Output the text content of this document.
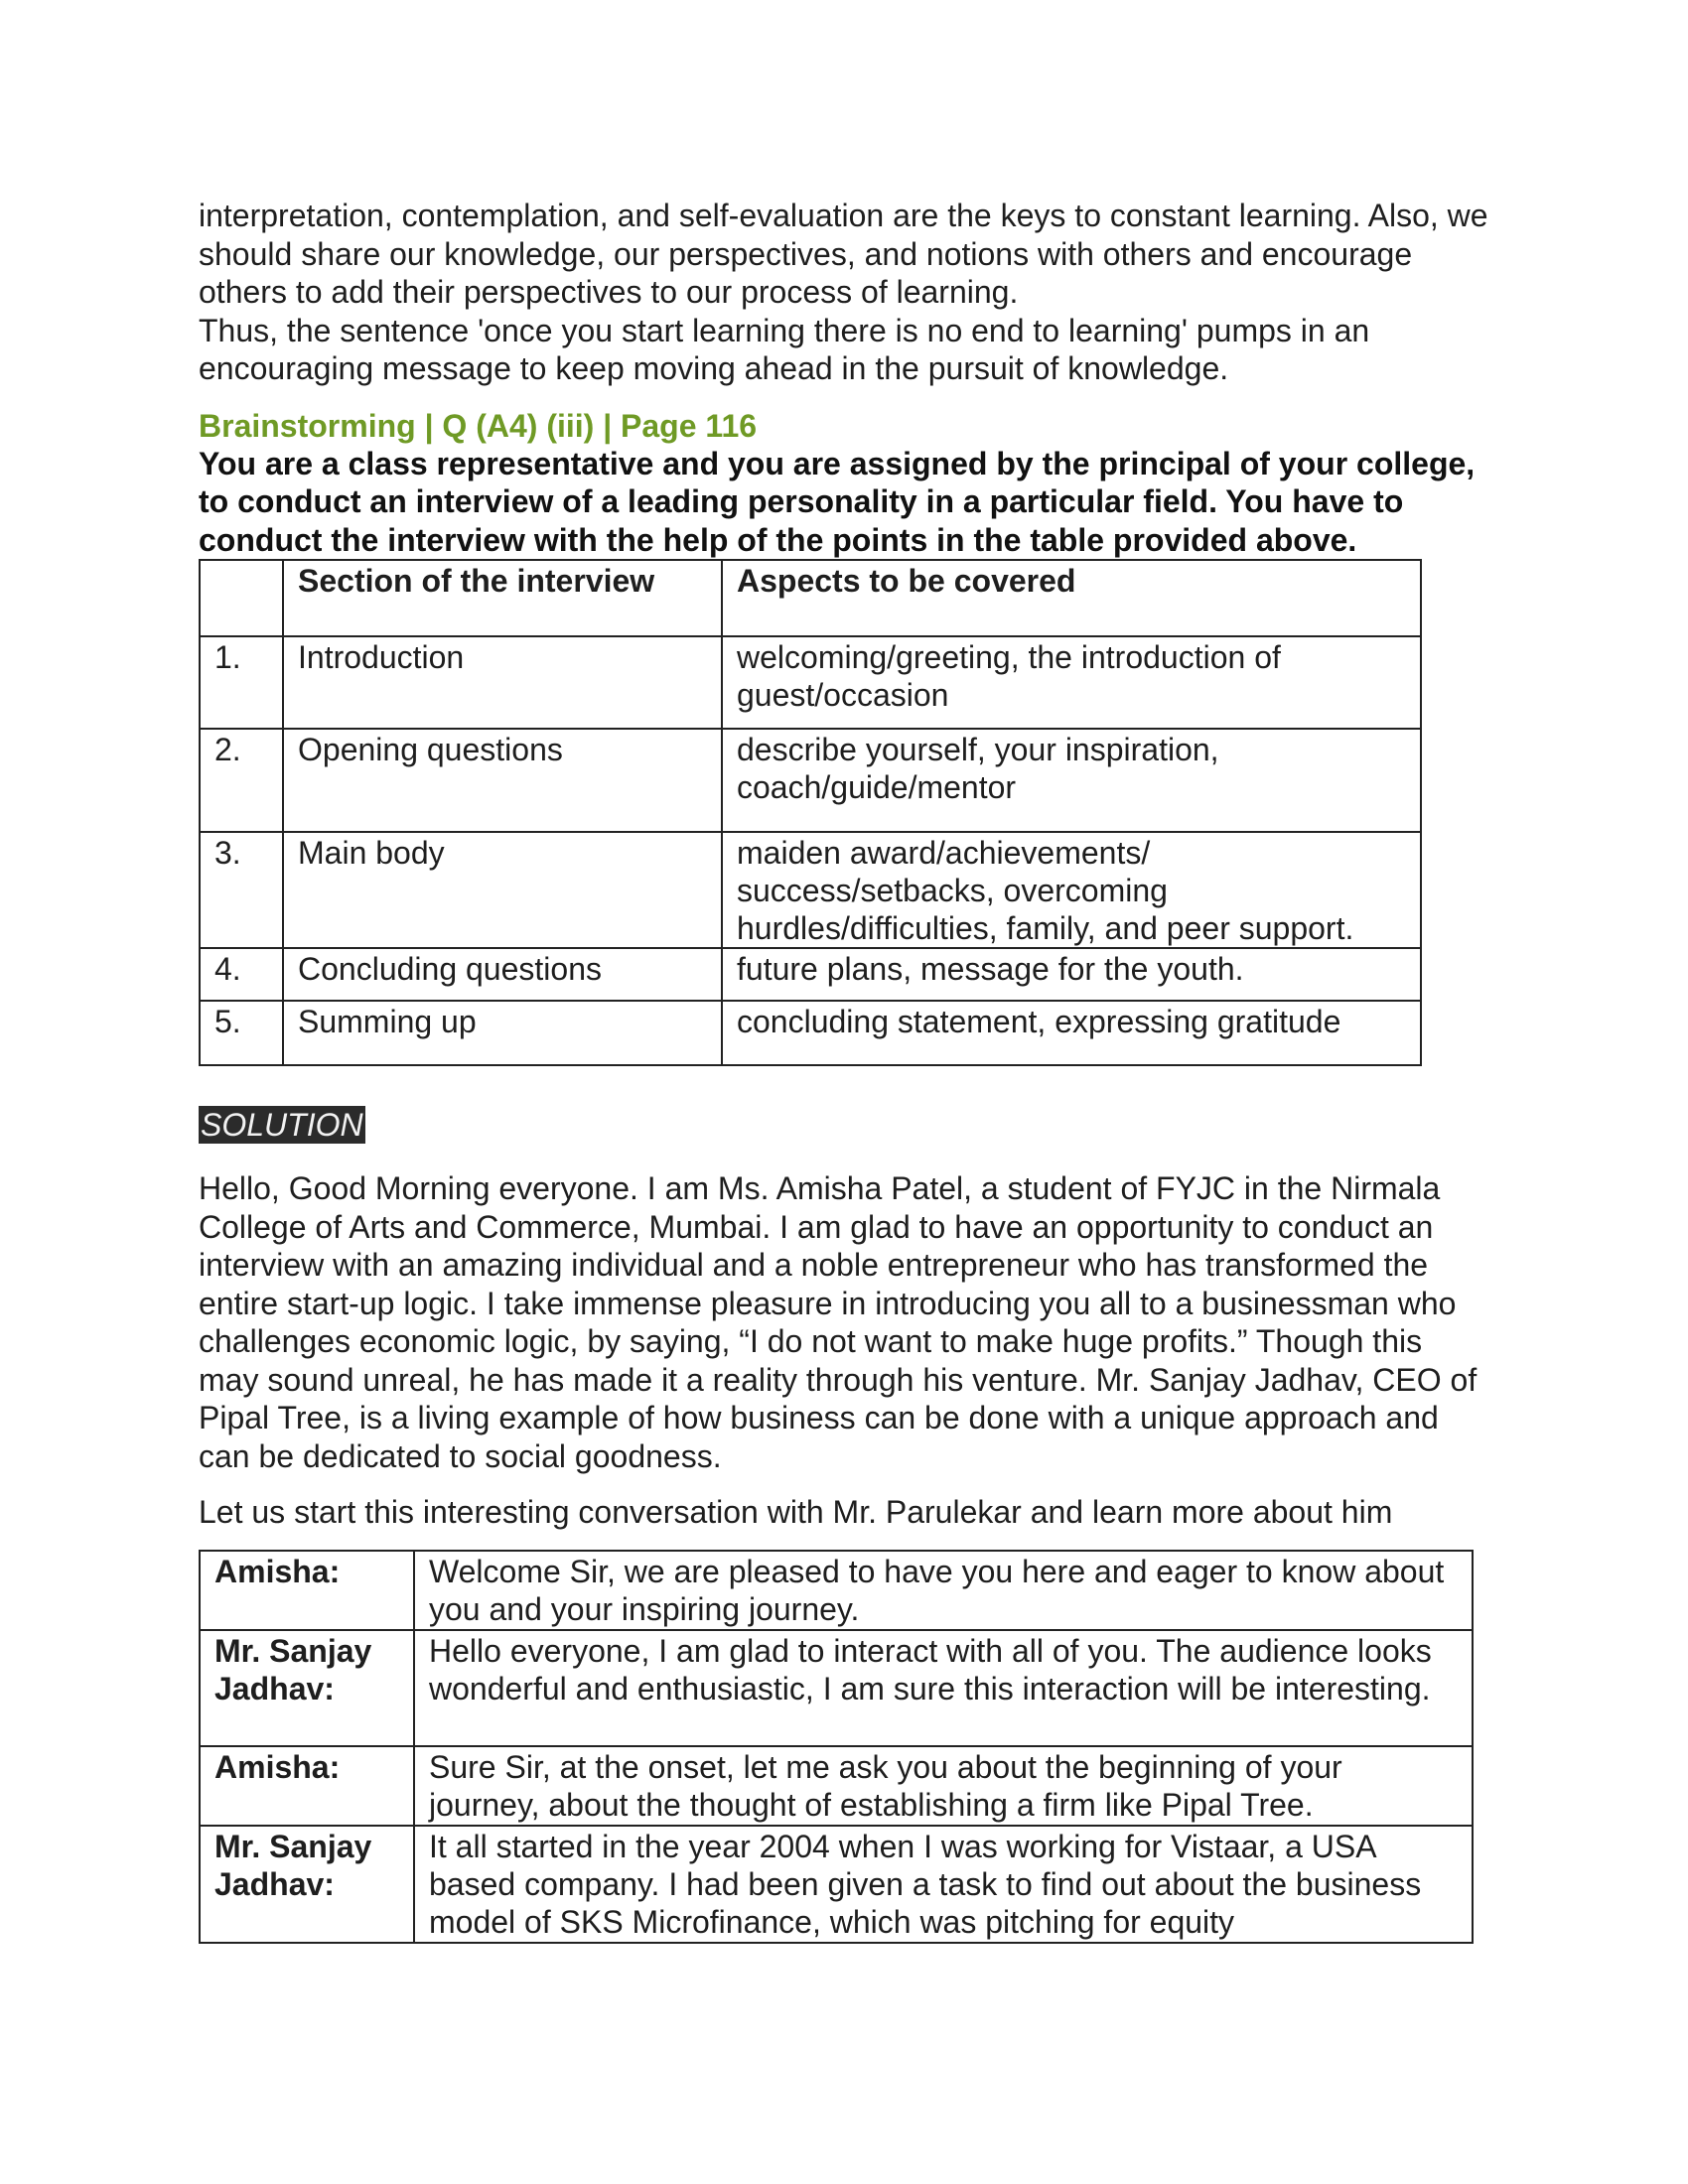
interpretation, contemplation, and self-evaluation are the keys to constant learning. Also, we should share our knowledge, our perspectives, and notions with others and encourage others to add their perspectives to our process of learning.

Thus, the sentence 'once you start learning there is no end to learning' pumps in an encouraging message to keep moving ahead in the pursuit of knowledge.

Brainstorming | Q (A4) (iii) | Page 116

You are a class representative and you are assigned by the principal of your college, to conduct an interview of a leading personality in a particular field. You have to conduct the interview with the help of the points in the table provided above.

	Section of the interview	Aspects to be covered

1.	Introduction	welcoming/greeting, the introduction of guest/occasion

2.	Opening questions	describe yourself, your inspiration, coach/guide/mentor

3.	Main body	maiden award/achievements/ success/setbacks, overcoming hurdles/difficulties, family, and peer support.

4.	Concluding questions	future plans, message for the youth.

5.	Summing up	concluding statement, expressing gratitude
SOLUTION

Hello, Good Morning everyone. I am Ms. Amisha Patel, a student of FYJC in the Nirmala College of Arts and Commerce, Mumbai. I am glad to have an opportunity to conduct an interview with an amazing individual and a noble entrepreneur who has transformed the entire start-up logic. I take immense pleasure in introducing you all to a businessman who challenges economic logic, by saying, “I do not want to make huge profits.” Though this may sound unreal, he has made it a reality through his venture. Mr. Sanjay Jadhav, CEO of Pipal Tree, is a living example of how business can be done with a unique approach and can be dedicated to social goodness.

Let us start this interesting conversation with Mr. Parulekar and learn more about him

Amisha:	Welcome Sir, we are pleased to have you here and eager to know about you and your inspiring journey.

Mr. Sanjay Jadhav:	Hello everyone, I am glad to interact with all of you. The audience looks wonderful and enthusiastic, I am sure this interaction will be interesting.

Amisha:	Sure Sir, at the onset, let me ask you about the beginning of your journey, about the thought of establishing a firm like Pipal Tree.

Mr. Sanjay Jadhav:	It all started in the year 2004 when I was working for Vistaar, a USA based company. I had been given a task to find out about the business model of SKS Microfinance, which was pitching for equity
